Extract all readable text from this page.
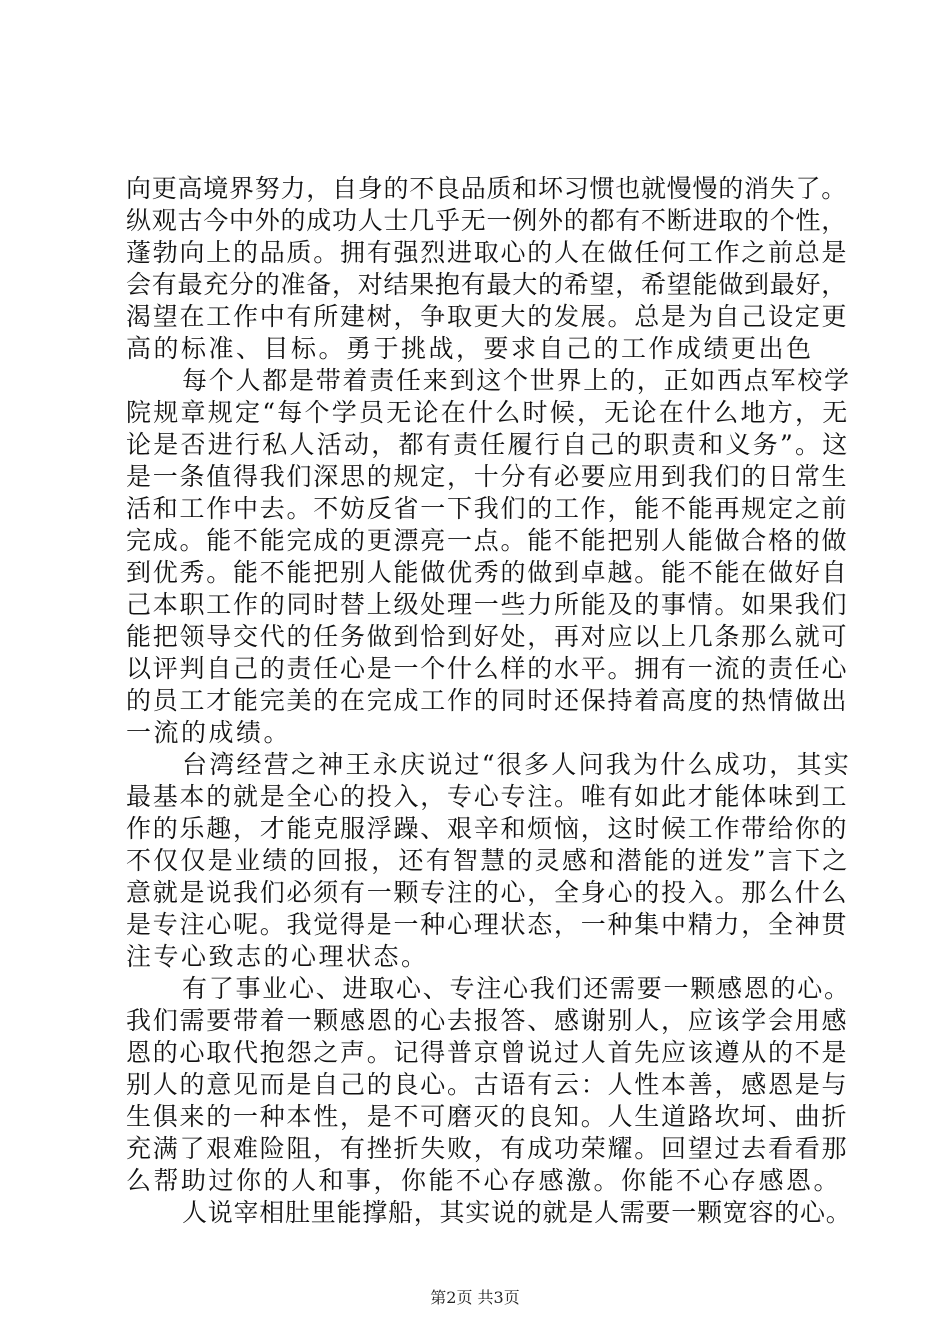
向更高境界努力，自身的不良品质和坏习惯也就慢慢的消失了。
纵观古今中外的成功人士几乎无一例外的都有不断进取的个性，
蓬勃向上的品质。拥有强烈进取心的人在做任何工作之前总是
会有最充分的准备，对结果抱有最大的希望，希望能做到最好，
渴望在工作中有所建树，争取更大的发展。总是为自己设定更
高的标准、目标。勇于挑战，要求自己的工作成绩更出色
每个人都是带着责任来到这个世界上的，正如西点军校学
院规章规定“每个学员无论在什么时候，无论在什么地方，无
论是否进行私人活动，都有责任履行自己的职责和义务”。这
是一条值得我们深思的规定，十分有必要应用到我们的日常生
活和工作中去。不妨反省一下我们的工作，能不能再规定之前
完成。能不能完成的更漂亮一点。能不能把别人能做合格的做
到优秀。能不能把别人能做优秀的做到卓越。能不能在做好自
己本职工作的同时替上级处理一些力所能及的事情。如果我们
能把领导交代的任务做到恰到好处，再对应以上几条那么就可
以评判自己的责任心是一个什么样的水平。拥有一流的责任心
的员工才能完美的在完成工作的同时还保持着高度的热情做出
一流的成绩。
台湾经营之神王永庆说过“很多人问我为什么成功，其实
最基本的就是全心的投入，专心专注。唯有如此才能体味到工
作的乐趣，才能克服浮躁、艰辛和烦恼，这时候工作带给你的
不仅仅是业绩的回报，还有智慧的灵感和潜能的迸发”言下之
意就是说我们必须有一颗专注的心，全身心的投入。那么什么
是专注心呢。我觉得是一种心理状态，一种集中精力，全神贯
注专心致志的心理状态。
有了事业心、进取心、专注心我们还需要一颗感恩的心。
我们需要带着一颗感恩的心去报答、感谢别人，应该学会用感
恩的心取代抱怨之声。记得普京曾说过人首先应该遵从的不是
别人的意见而是自己的良心。古语有云：人性本善，感恩是与
生俱来的一种本性，是不可磨灭的良知。人生道路坎坷、曲折
充满了艰难险阻，有挫折失败，有成功荣耀。回望过去看看那
么帮助过你的人和事，你能不心存感激。你能不心存感恩。
人说宰相肚里能撑船，其实说的就是人需要一颗宽容的心。
第2页 共3页
